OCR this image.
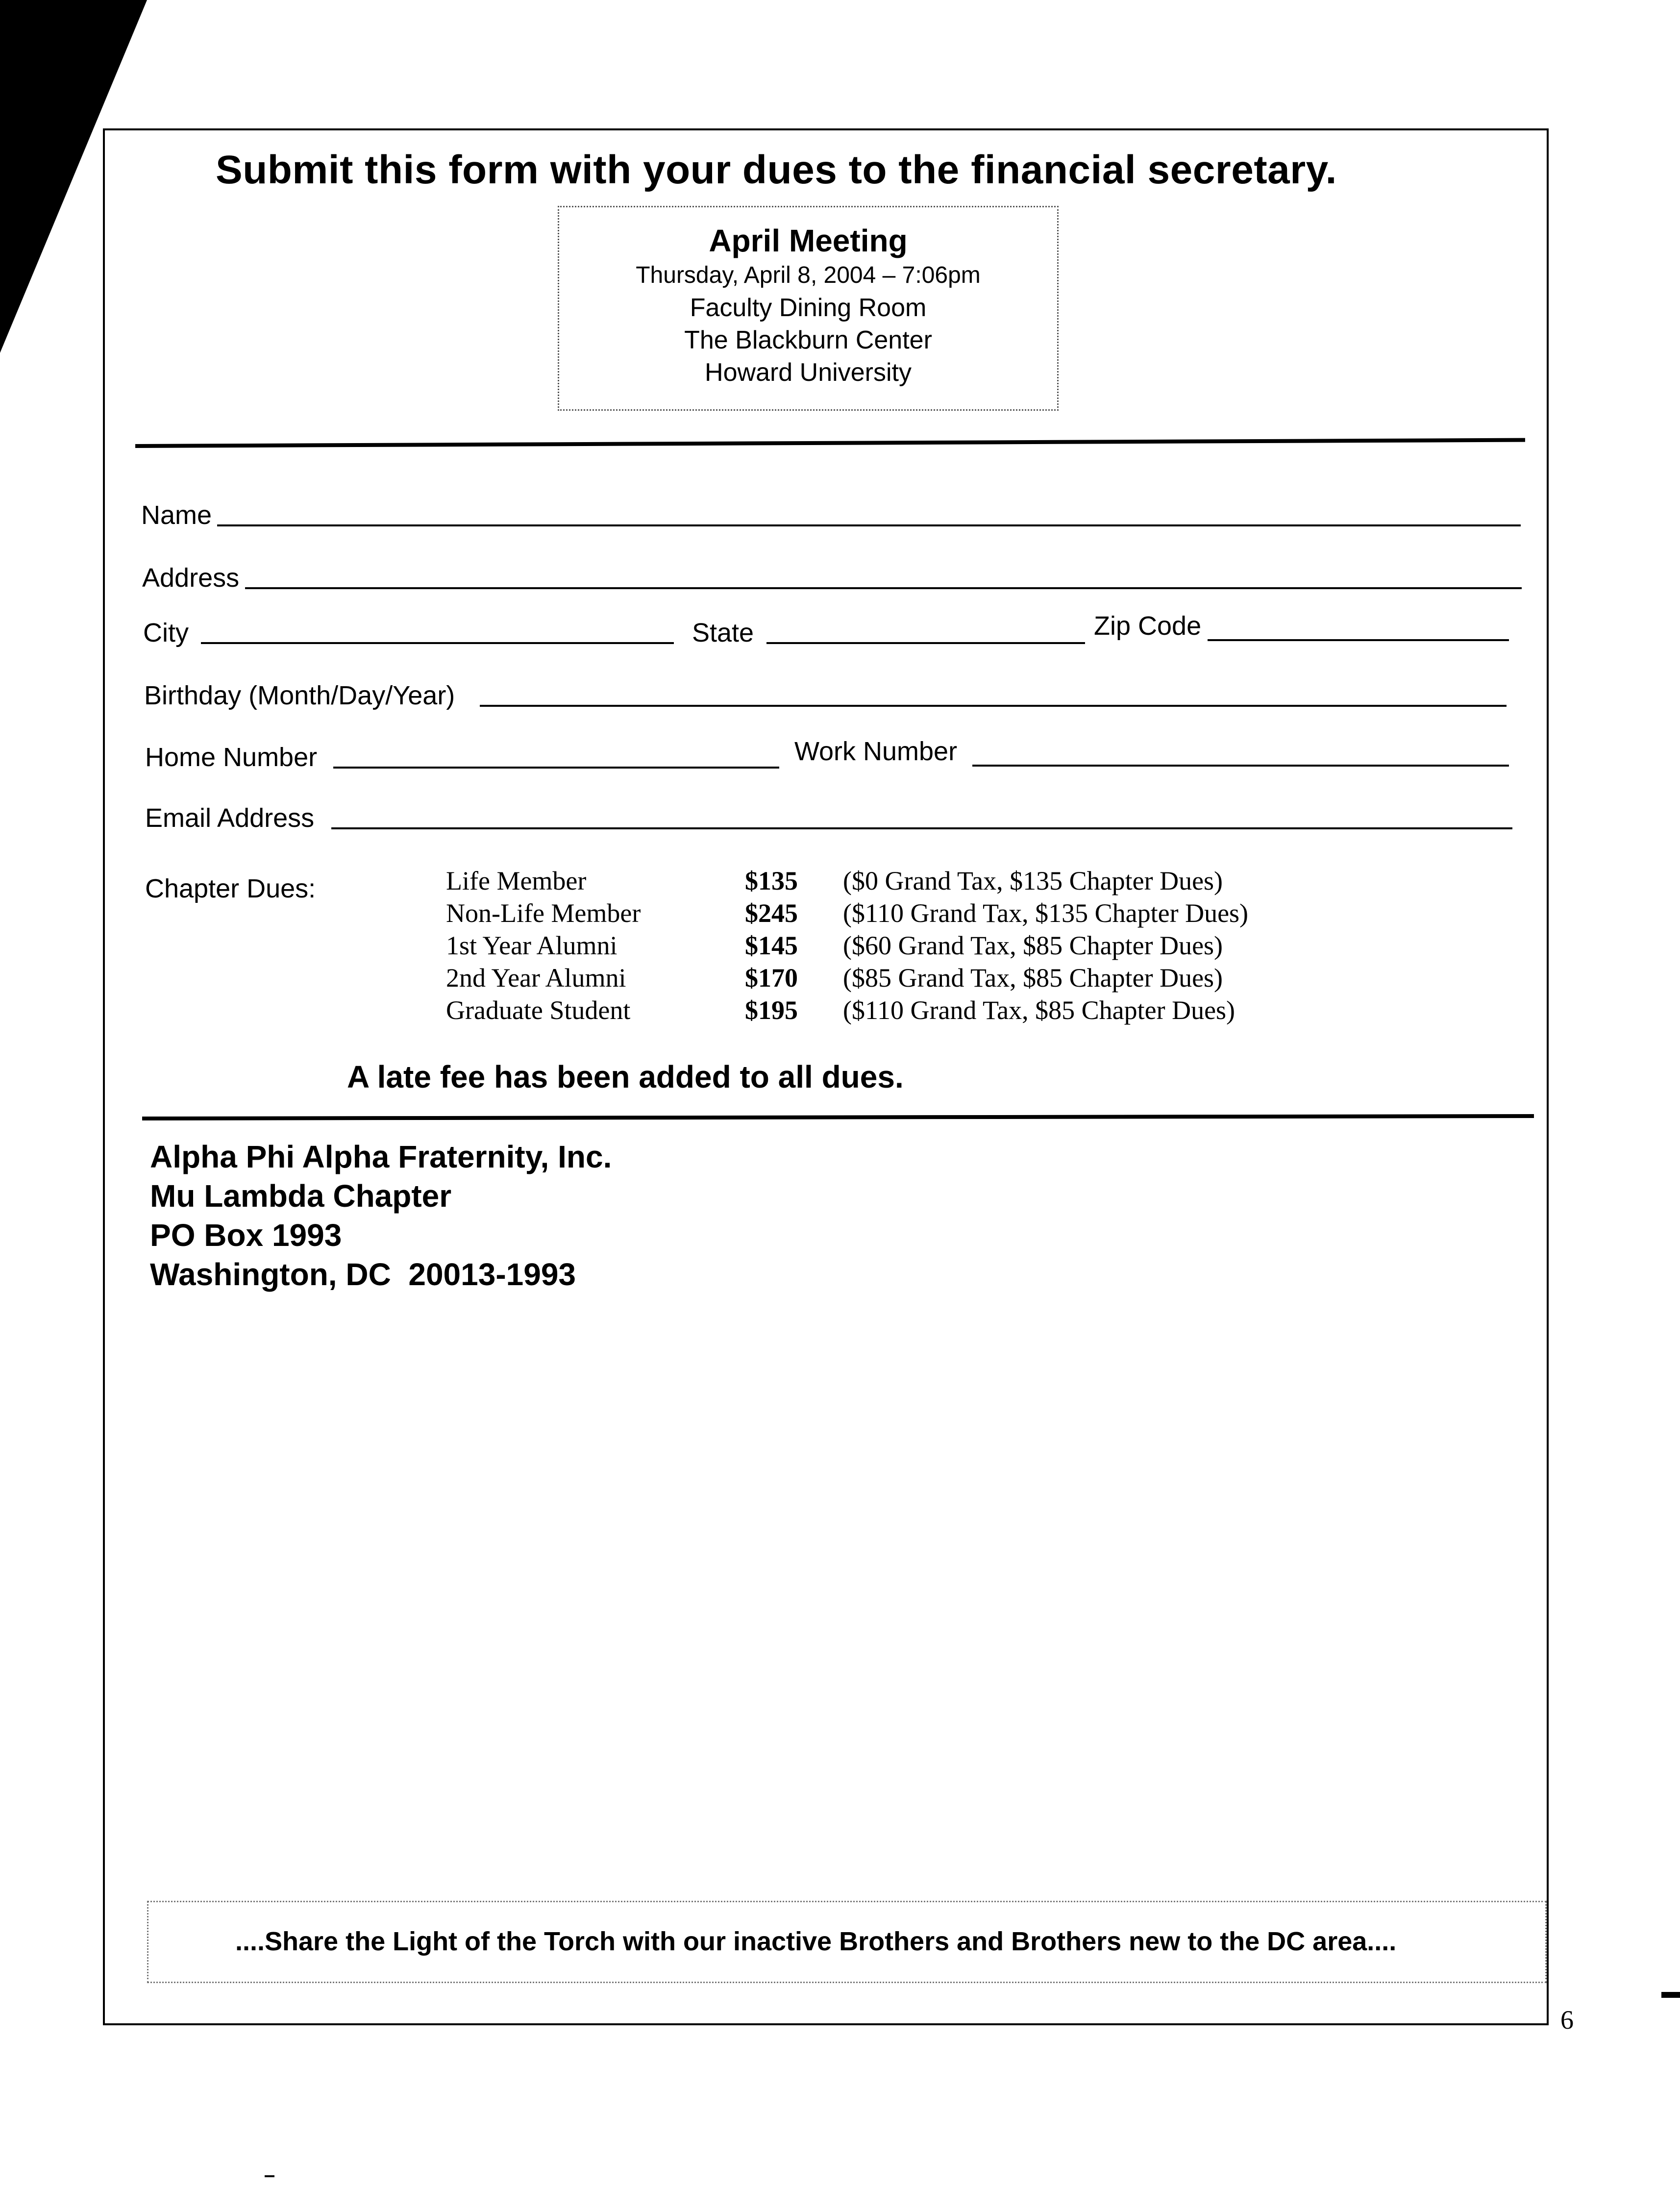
Submit this form with your dues to the financial secretary.
April Meeting
Thursday, April 8, 2004 – 7:06pm
Faculty Dining Room
The Blackburn Center
Howard University
Name
Address
City	State	Zip Code
Birthday (Month/Day/Year)
Home Number	Work Number
Email Address
Chapter Dues:	Life Member	$135 ($0 Grand Tax, $135 Chapter Dues)
Non-Life Member	$245 ($110 Grand Tax, $135 Chapter Dues)
1st Year Alumni	$145 ($60 Grand Tax, $85 Chapter Dues)
2nd Year Alumni	$170 ($85 Grand Tax, $85 Chapter Dues)
Graduate Student	$195 ($110 Grand Tax, $85 Chapter Dues)
A late fee has been added to all dues.
Alpha Phi Alpha Fraternity, Inc.
Mu Lambda Chapter
PO Box 1993
Washington, DC  20013-1993
....Share the Light of the Torch with our inactive Brothers and Brothers new to the DC area....
6
